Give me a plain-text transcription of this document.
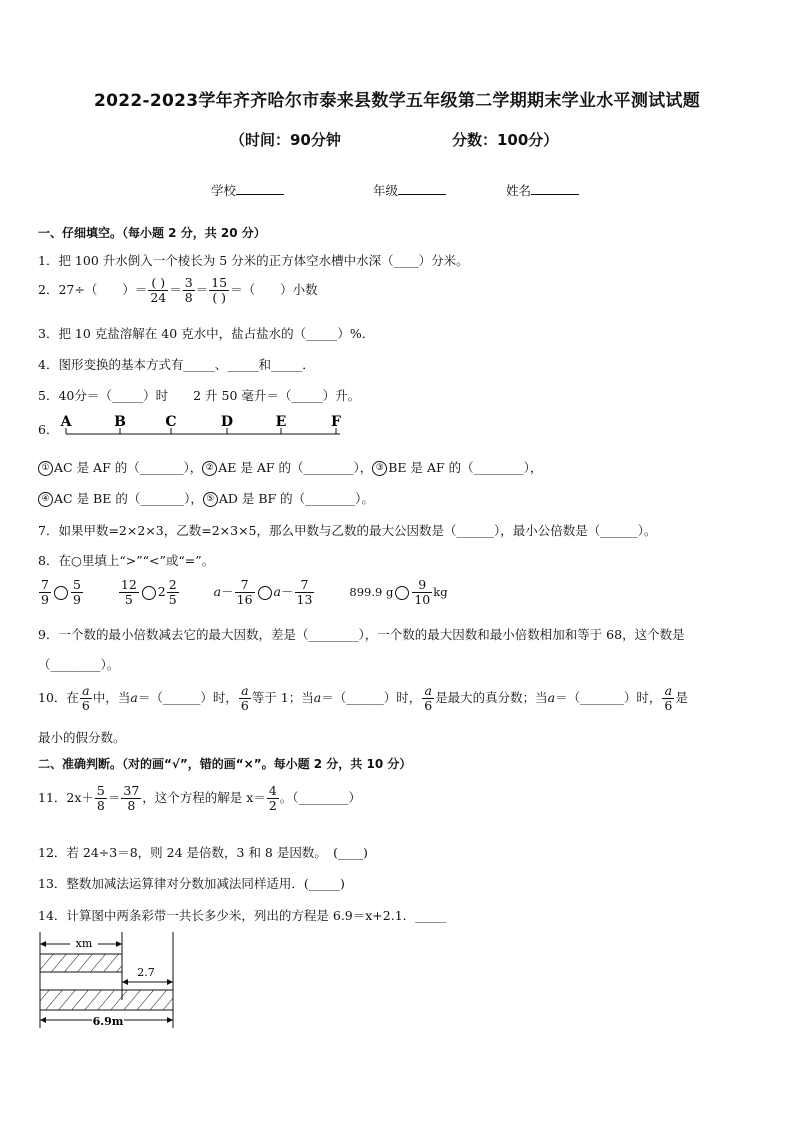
2022-2023学年齐齐哈尔市泰来县数学五年级第二学期期末学业水平测试试题
（时间：90分钟	分数：100分）
学校	年级	姓名
一、仔细填空。（每小题 2 分，共 20 分）
1．把 100 升水倒入一个棱长为 5 分米的正方体空水槽中水深（____）分米。
2．27÷（　　）＝ $\frac{( )}{24} = \frac{3}{8} = \frac{15}{( )}$ ＝（　　）小数
3．把 10 克盐溶解在 40 克水中，盐占盐水的（_____）%．
4．图形变换的基本方式有_____、_____和_____．
5．40分＝（_____）时　　2 升 50 毫升＝（_____）升。
6． A	B	C	D	E	F
① AC 是 AF 的（_______）， ② AE 是 AF 的（________）， ③ BE 是 AF 的（________），
④ AC 是 BE 的（_______）， ⑤ AD 是 BF 的（________）。
7．如果甲数=2×2×3，乙数=2×3×5，那么甲数与乙数的最大公因数是（______），最小公倍数是（______）。
8．在○里填上“>”“<”或“=”。
$\frac{7}{9} \frac{5}{9}$
	$\frac{12}{5} 2 \frac{2}{5}$	$a- \frac{7}{16} a- \frac{7}{13}$	899.9 g $\frac{9}{10}$ kg
9．一个数的最小倍数减去它的最大因数，差是（________），一个数的最大因数和最小倍数相加和等于 68，这个数是
（________）。
10．在 $\frac{a}{6}$ 中，当a＝（______）时， $\frac{a}{6}$ 等于 1；当a＝（______）时， $\frac{a}{6}$ 是最大的真分数；当a＝（_______）时， $\frac{a}{6}$ 是
最小的假分数。
二、准确判断。（对的画“√”，错的画“×”。每小题 2 分，共 10 分）
11．$2x+ \frac{5}{8} = \frac{37}{8}$ ，这个方程的解是 $x= \frac{4}{2}$ 。（________）
12．若 24÷3＝8，则 24 是倍数，3 和 8 是因数。　(____)
13．整数加减法运算律对分数加减法同样适用．(_____)
14．计算图中两条彩带一共长多少米，列出的方程是 6.9＝x+2.1．_____
xm
2.7
6.9m
